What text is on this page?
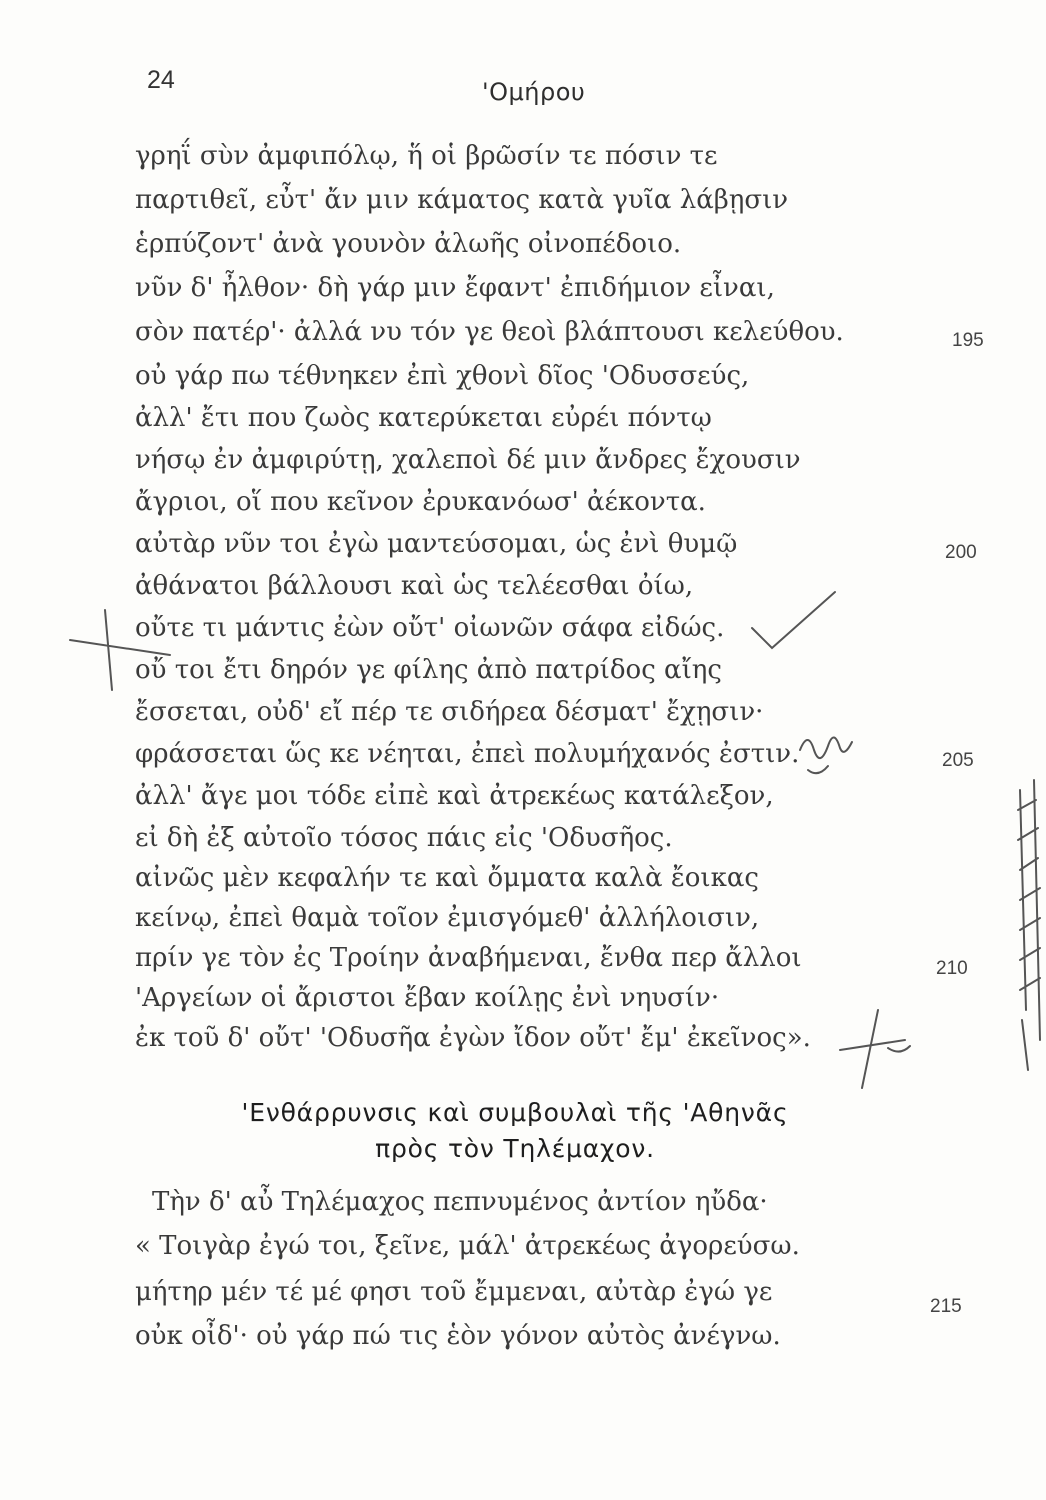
24	'Ομήρου
γρηΐ σὺν ἀμφιπόλῳ, ἥ οἱ βρῶσίν τε πόσιν τε
παρτιθεῖ, εὖτ' ἄν μιν κάματος κατὰ γυῖα λάβῃσιν
ἑρπύζοντ' ἀνὰ γουνὸν ἀλωῆς οἰνοπέδοιο.
νῦν δ' ἦλθον· δὴ γάρ μιν ἔφαντ' ἐπιδήμιον εἶναι,
σὸν πατέρ'· ἀλλά νυ τόν γε θεοὶ βλάπτουσι κελεύθου.
οὐ γάρ πω τέθνηκεν ἐπὶ χθονὶ δῖος 'Οδυσσεύς,
ἀλλ' ἔτι που ζωὸς κατερύκεται εὐρέι πόντῳ
νήσῳ ἐν ἀμφιρύτῃ, χαλεποὶ δέ μιν ἄνδρες ἔχουσιν
ἄγριοι, οἵ που κεῖνον ἐρυκανόωσ' ἀέκοντα.
αὐτὰρ νῦν τοι ἐγὼ μαντεύσομαι, ὡς ἐνὶ θυμῷ
ἀθάνατοι βάλλουσι καὶ ὡς τελέεσθαι ὀίω,
οὔτε τι μάντις ἐὼν οὔτ' οἰωνῶν σάφα εἰδώς.
οὔ τοι ἔτι δηρόν γε φίλης ἀπὸ πατρίδος αἴης
ἔσσεται, οὐδ' εἴ πέρ τε σιδήρεα δέσματ' ἔχῃσιν·
φράσσεται ὥς κε νέηται, ἐπεὶ πολυμήχανός ἐστιν.
ἀλλ' ἄγε μοι τόδε εἰπὲ καὶ ἀτρεκέως κατάλεξον,
εἰ δὴ ἐξ αὐτοῖο τόσος πάις εἰς 'Οδυσῆος.
αἰνῶς μὲν κεφαλήν τε καὶ ὄμματα καλὰ ἔοικας
κείνῳ, ἐπεὶ θαμὰ τοῖον ἐμισγόμεθ' ἀλλήλοισιν,
πρίν γε τὸν ἐς Τροίην ἀναβήμεναι, ἔνθα περ ἄλλοι
'Αργείων οἱ ἄριστοι ἔβαν κοίλῃς ἐνὶ νηυσίν·
ἐκ τοῦ δ' οὔτ' 'Οδυσῆα ἐγὼν ἴδον οὔτ' ἔμ' ἐκεῖνος».
195
200
205
210
215
'Ενθάρρυνσις καὶ συμβουλαὶ τῆς 'Αθηνᾶς
πρὸς τὸν Τηλέμαχον.
Τὴν δ' αὖ Τηλέμαχος πεπνυμένος ἀντίον ηὔδα·
« Τοιγὰρ ἐγώ τοι, ξεῖνε, μάλ' ἀτρεκέως ἀγορεύσω.
μήτηρ μέν τέ μέ φησι τοῦ ἔμμεναι, αὐτὰρ ἐγώ γε
οὐκ οἶδ'· οὐ γάρ πώ τις ἑὸν γόνον αὐτὸς ἀνέγνω.
